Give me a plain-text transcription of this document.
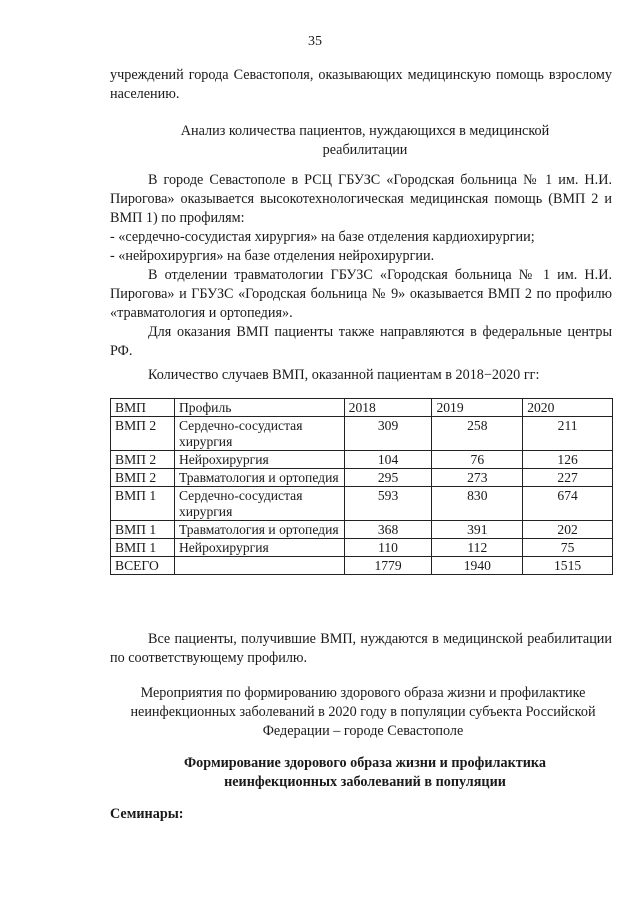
35

учреждений города Севастополя, оказывающих медицинскую помощь взрослому населению.

Анализ количества пациентов, нуждающихся в медицинской реабилитации

В городе Севастополе в РСЦ ГБУЗС «Городская больница № 1 им. Н.И. Пирогова» оказывается высокотехнологическая медицинская помощь (ВМП 2 и ВМП 1) по профилям:

- «сердечно-сосудистая хирургия» на базе отделения кардиохирургии;

- «нейрохирургия» на базе отделения нейрохирургии.

В отделении травматологии ГБУЗС «Городская больница № 1 им. Н.И. Пирогова» и ГБУЗС «Городская больница № 9» оказывается ВМП 2 по профилю «травматология и ортопедия».

Для оказания ВМП пациенты также направляются в федеральные центры РФ.

Количество случаев ВМП, оказанной пациентам в 2018−2020 гг:

ВМП	Профиль	2018	2019	2020
ВМП 2	Сердечно-сосудистая хирургия	309	258	211
ВМП 2	Нейрохирургия	104	76	126
ВМП 2	Травматология и ортопедия	295	273	227
ВМП 1	Сердечно-сосудистая хирургия	593	830	674
ВМП 1	Травматология и ортопедия	368	391	202
ВМП 1	Нейрохирургия	110	112	75
ВСЕГО		1779	1940	1515

Все пациенты, получившие ВМП, нуждаются в медицинской реабилитации по соответствующему профилю.

Мероприятия по формированию здорового образа жизни и профилактике неинфекционных заболеваний в 2020 году в популяции субъекта Российской Федерации – городе Севастополе

Формирование здорового образа жизни и профилактика неинфекционных заболеваний в популяции

Семинары:
